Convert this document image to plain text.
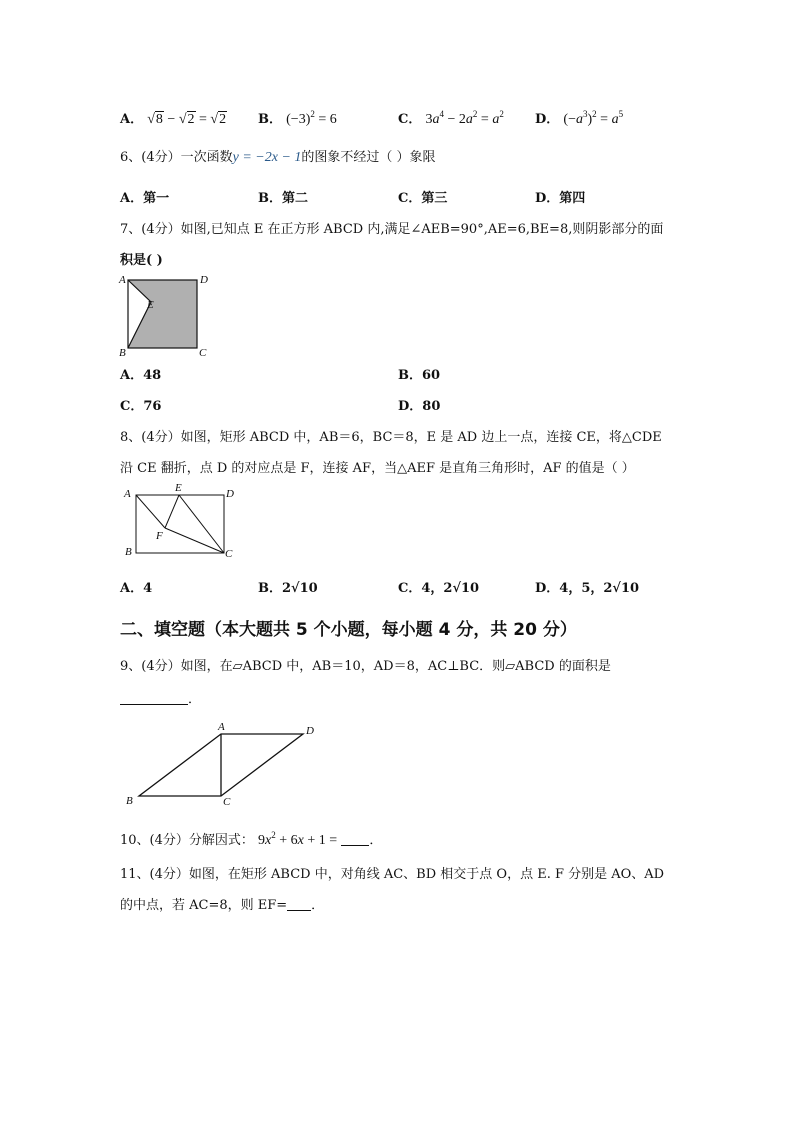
A． √8 − √2 = √2 B． $(-3)^2 = 6$	C． $3a^4 - 2a^2 = a^2$ D． $(-a^3)^2 = a^5$
6、(4分）一次函数y = −2x − 1的图象不经过（ ）象限
A．第一	B．第二	C．第三	D．第四
7、(4分）如图,已知点 E 在正方形 ABCD 内,满足∠AEB=90°,AE=6,BE=8,则阴影部分的面
积是( )
A	D
E
B	C
A．48	B．60
C．76	D．80
8、(4分）如图，矩形 ABCD 中，AB＝6，BC＝8，E 是 AD 边上一点，连接 CE，将△CDE
沿 CE 翻折，点 D 的对应点是 F，连接 AF，当△AEF 是直角三角形时，AF 的值是（ ）
A	E	D
F
B	C
A．4	B．2√10	C．4，2√10	D．4，5，2√10
二、填空题（本大题共 5 个小题，每小题 4 分，共 20 分）
9、(4分）如图，在▱ABCD 中，AB＝10，AD＝8，AC⊥BC．则▱ABCD 的面积是
．
A	D
B	C
10、(4分）分解因式： $9x^2 + 6x + 1$ = ．
11、(4分）如图，在矩形 ABCD 中，对角线 AC、BD 相交于点 O，点 E. F 分别是 AO、AD
的中点，若 AC=8，则 EF= ．
